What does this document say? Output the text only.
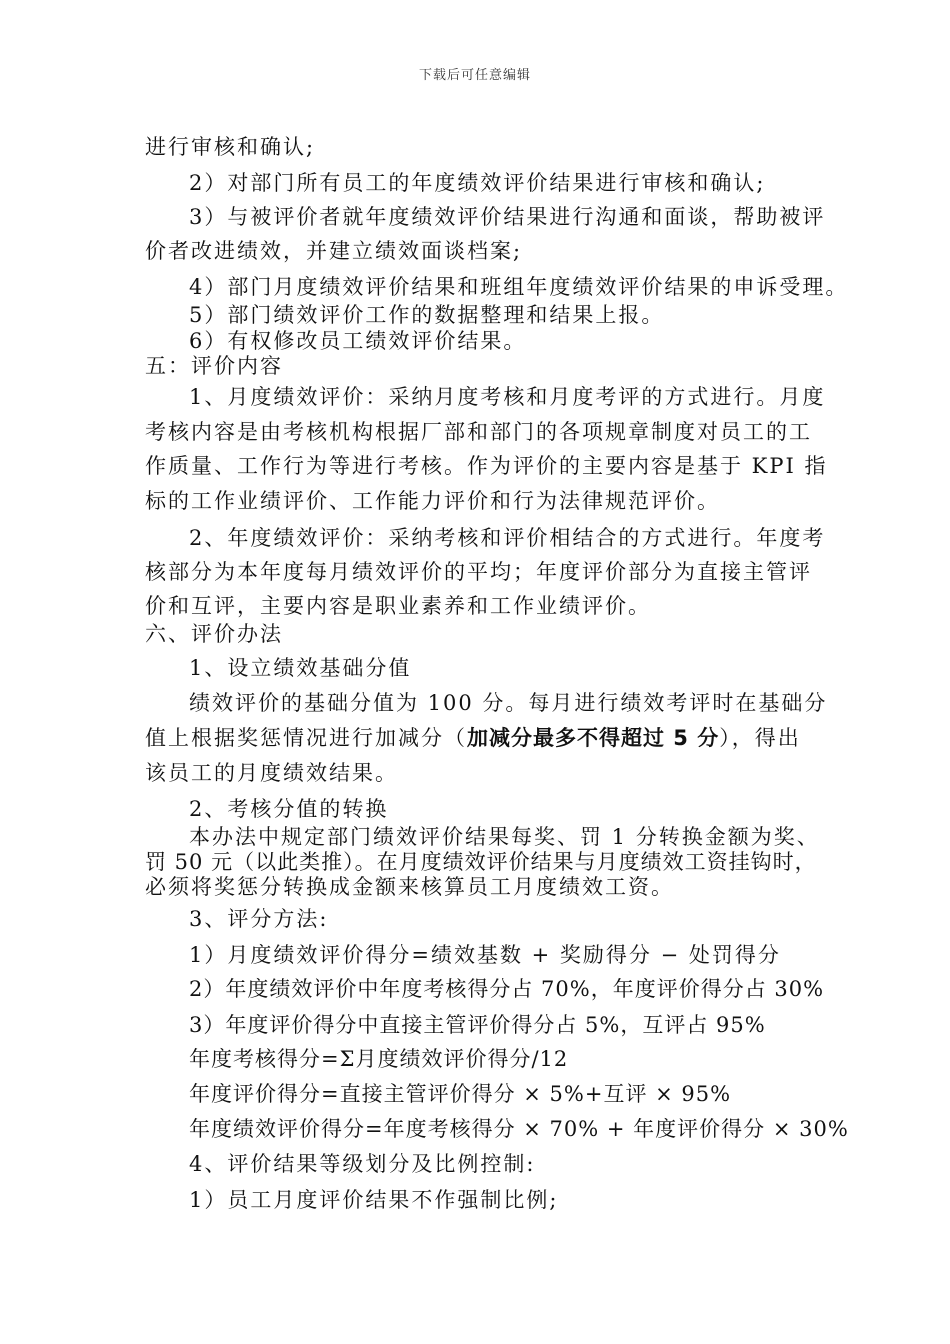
下载后可任意编辑
进行审核和确认;
2）对部门所有员工的年度绩效评价结果进行审核和确认;
3）与被评价者就年度绩效评价结果进行沟通和面谈，帮助被评
价者改进绩效，并建立绩效面谈档案;
4）部门月度绩效评价结果和班组年度绩效评价结果的申诉受理。
5）部门绩效评价工作的数据整理和结果上报。
6）有权修改员工绩效评价结果。
五：评价内容
1、月度绩效评价：采纳月度考核和月度考评的方式进行。月度
考核内容是由考核机构根据厂部和部门的各项规章制度对员工的工
作质量、工作行为等进行考核。作为评价的主要内容是基于 KPI 指
标的工作业绩评价、工作能力评价和行为法律规范评价。
2、年度绩效评价：采纳考核和评价相结合的方式进行。年度考
核部分为本年度每月绩效评价的平均；年度评价部分为直接主管评
价和互评，主要内容是职业素养和工作业绩评价。
六、评价办法
1、设立绩效基础分值
绩效评价的基础分值为 100 分。每月进行绩效考评时在基础分
值上根据奖惩情况进行加减分（加减分最多不得超过 5 分），得出
该员工的月度绩效结果。
2、考核分值的转换
本办法中规定部门绩效评价结果每奖、罚 1 分转换金额为奖、
罚 50 元（以此类推）。在月度绩效评价结果与月度绩效工资挂钩时，
必须将奖惩分转换成金额来核算员工月度绩效工资。
3、评分方法:
1）月度绩效评价得分=绩效基数 + 奖励得分 − 处罚得分
2）年度绩效评价中年度考核得分占 70%，年度评价得分占 30%
3）年度评价得分中直接主管评价得分占 5%，互评占 95%
年度考核得分=Σ月度绩效评价得分/12
年度评价得分=直接主管评价得分 × 5%+互评 × 95%
年度绩效评价得分=年度考核得分 × 70% + 年度评价得分 × 30%
4、评价结果等级划分及比例控制:
1）员工月度评价结果不作强制比例;
